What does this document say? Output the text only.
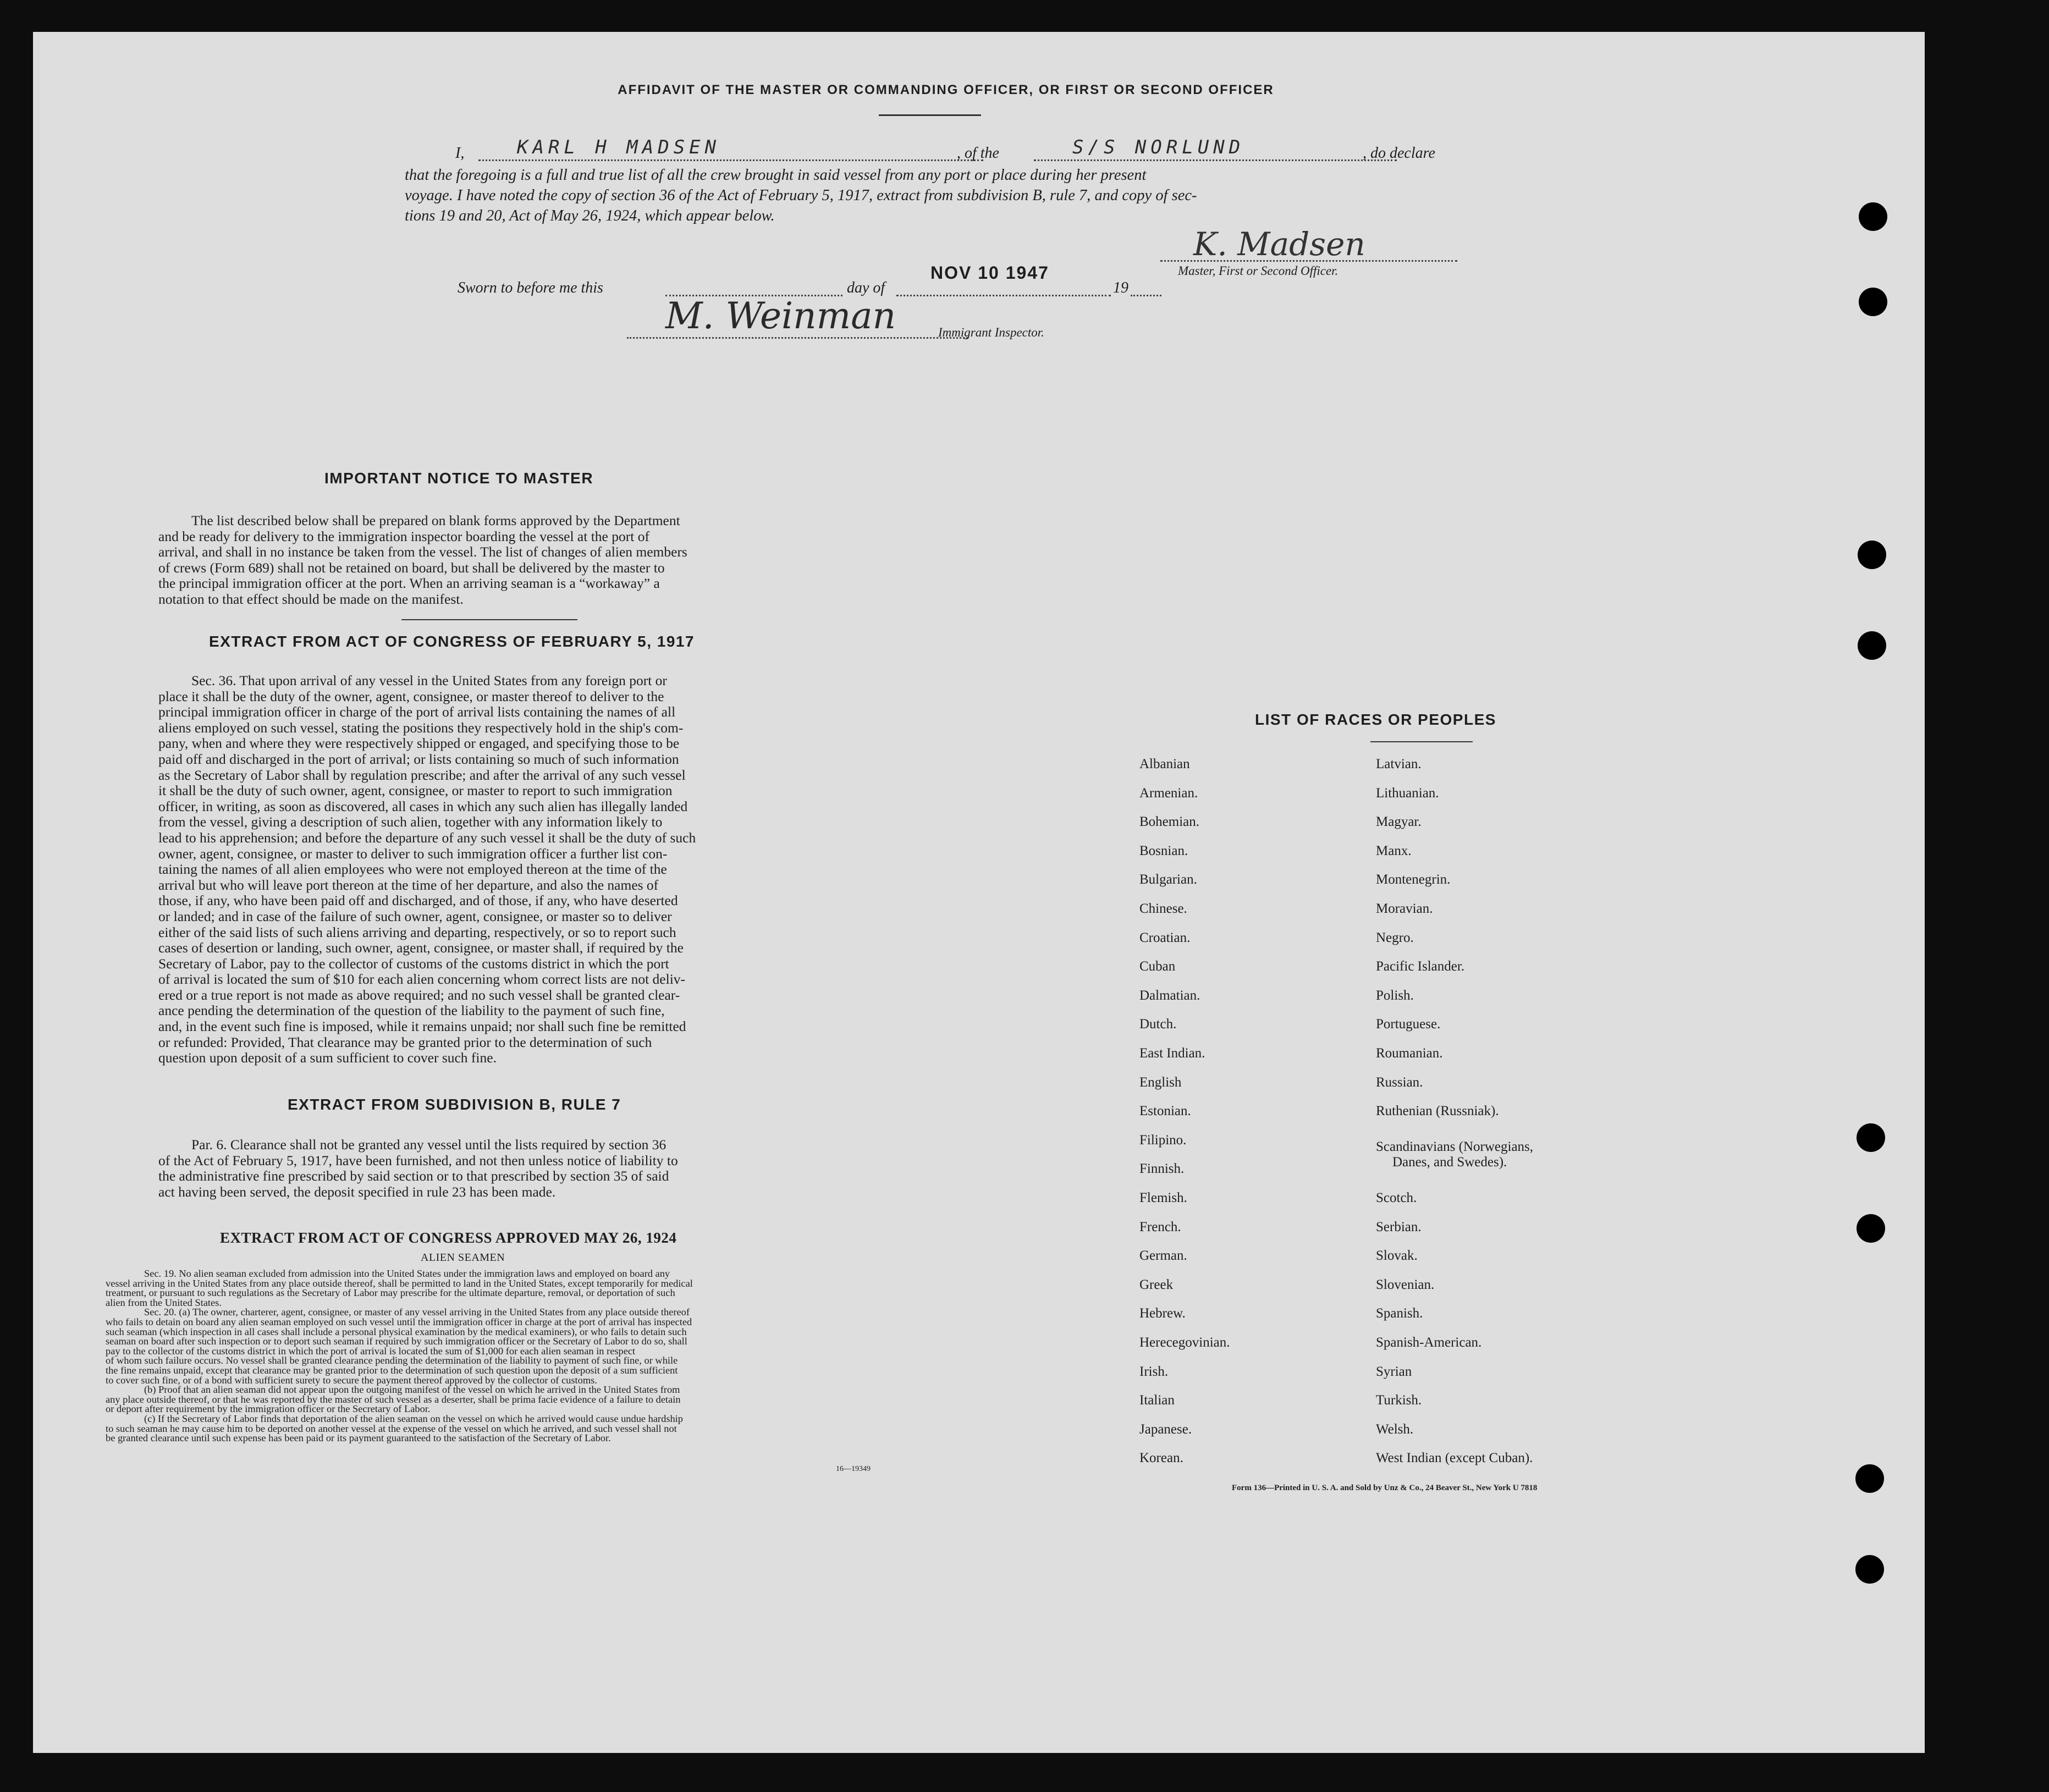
AFFIDAVIT OF THE MASTER OR COMMANDING OFFICER, OR FIRST OR SECOND OFFICER
I,	KARL H MADSEN	, of the	S/S NORLUND	, do declare
that the foregoing is a full and true list of all the crew brought in said vessel from any port or place during her present
voyage. I have noted the copy of section 36 of the Act of February 5, 1917, extract from subdivision B, rule 7, and copy of sec-
tions 19 and 20, Act of May 26, 1924, which appear below.
K. Madsen
Master, First or Second Officer.
Sworn to before me this	day of
NOV 10 1947
19
M. Weinman	Immigrant Inspector.
IMPORTANT NOTICE TO MASTER
The list described below shall be prepared on blank forms approved by the Department
and be ready for delivery to the immigration inspector boarding the vessel at the port of
arrival, and shall in no instance be taken from the vessel. The list of changes of alien members
of crews (Form 689) shall not be retained on board, but shall be delivered by the master to
the principal immigration officer at the port. When an arriving seaman is a “workaway” a
notation to that effect should be made on the manifest.
EXTRACT FROM ACT OF CONGRESS OF FEBRUARY 5, 1917
Sec. 36. That upon arrival of any vessel in the United States from any foreign port or
place it shall be the duty of the owner, agent, consignee, or master thereof to deliver to the
principal immigration officer in charge of the port of arrival lists containing the names of all
aliens employed on such vessel, stating the positions they respectively hold in the ship's com-
pany, when and where they were respectively shipped or engaged, and specifying those to be
paid off and discharged in the port of arrival; or lists containing so much of such information
as the Secretary of Labor shall by regulation prescribe; and after the arrival of any such vessel
it shall be the duty of such owner, agent, consignee, or master to report to such immigration
officer, in writing, as soon as discovered, all cases in which any such alien has illegally landed
from the vessel, giving a description of such alien, together with any information likely to
lead to his apprehension; and before the departure of any such vessel it shall be the duty of such
owner, agent, consignee, or master to deliver to such immigration officer a further list con-
taining the names of all alien employees who were not employed thereon at the time of the
arrival but who will leave port thereon at the time of her departure, and also the names of
those, if any, who have been paid off and discharged, and of those, if any, who have deserted
or landed; and in case of the failure of such owner, agent, consignee, or master so to deliver
either of the said lists of such aliens arriving and departing, respectively, or so to report such
cases of desertion or landing, such owner, agent, consignee, or master shall, if required by the
Secretary of Labor, pay to the collector of customs of the customs district in which the port
of arrival is located the sum of $10 for each alien concerning whom correct lists are not deliv-
ered or a true report is not made as above required; and no such vessel shall be granted clear-
ance pending the determination of the question of the liability to the payment of such fine,
and, in the event such fine is imposed, while it remains unpaid; nor shall such fine be remitted
or refunded: Provided, That clearance may be granted prior to the determination of such
question upon deposit of a sum sufficient to cover such fine.
EXTRACT FROM SUBDIVISION B, RULE 7
Par. 6. Clearance shall not be granted any vessel until the lists required by section 36
of the Act of February 5, 1917, have been furnished, and not then unless notice of liability to
the administrative fine prescribed by said section or to that prescribed by section 35 of said
act having been served, the deposit specified in rule 23 has been made.
EXTRACT FROM ACT OF CONGRESS APPROVED MAY 26, 1924
ALIEN SEAMEN
Sec. 19. No alien seaman excluded from admission into the United States under the immigration laws and employed on board any
vessel arriving in the United States from any place outside thereof, shall be permitted to land in the United States, except temporarily for medical
treatment, or pursuant to such regulations as the Secretary of Labor may prescribe for the ultimate departure, removal, or deportation of such
alien from the United States.
Sec. 20. (a) The owner, charterer, agent, consignee, or master of any vessel arriving in the United States from any place outside thereof
who fails to detain on board any alien seaman employed on such vessel until the immigration officer in charge at the port of arrival has inspected
such seaman (which inspection in all cases shall include a personal physical examination by the medical examiners), or who fails to detain such
seaman on board after such inspection or to deport such seaman if required by such immigration officer or the Secretary of Labor to do so, shall
pay to the collector of the customs district in which the port of arrival is located the sum of $1,000 for each alien seaman in respect
of whom such failure occurs. No vessel shall be granted clearance pending the determination of the liability to payment of such fine, or while
the fine remains unpaid, except that clearance may be granted prior to the determination of such question upon the deposit of a sum sufficient
to cover such fine, or of a bond with sufficient surety to secure the payment thereof approved by the collector of customs.
(b) Proof that an alien seaman did not appear upon the outgoing manifest of the vessel on which he arrived in the United States from
any place outside thereof, or that he was reported by the master of such vessel as a deserter, shall be prima facie evidence of a failure to detain
or deport after requirement by the immigration officer or the Secretary of Labor.
(c) If the Secretary of Labor finds that deportation of the alien seaman on the vessel on which he arrived would cause undue hardship
to such seaman he may cause him to be deported on another vessel at the expense of the vessel on which he arrived, and such vessel shall not
be granted clearance until such expense has been paid or its payment guaranteed to the satisfaction of the Secretary of Labor.
16—19349
LIST OF RACES OR PEOPLES
Albanian
Armenian.
Bohemian.
Bosnian.
Bulgarian.
Chinese.
Croatian.
Cuban
Dalmatian.
Dutch.
East Indian.
English
Estonian.
Filipino.
Finnish.
Flemish.
French.
German.
Greek
Hebrew.
Herecegovinian.
Irish.
Italian
Japanese.
Korean.
Latvian.
Lithuanian.
Magyar.
Manx.
Montenegrin.
Moravian.
Negro.
Pacific Islander.
Polish.
Portuguese.
Roumanian.
Russian.
Ruthenian (Russniak).
Scandinavians (Norwegians,
Danes, and Swedes).
Scotch.
Serbian.
Slovak.
Slovenian.
Spanish.
Spanish-American.
Syrian
Turkish.
Welsh.
West Indian (except Cuban).
Form 136—Printed in U. S. A. and Sold by Unz & Co., 24 Beaver St., New York U 7818
